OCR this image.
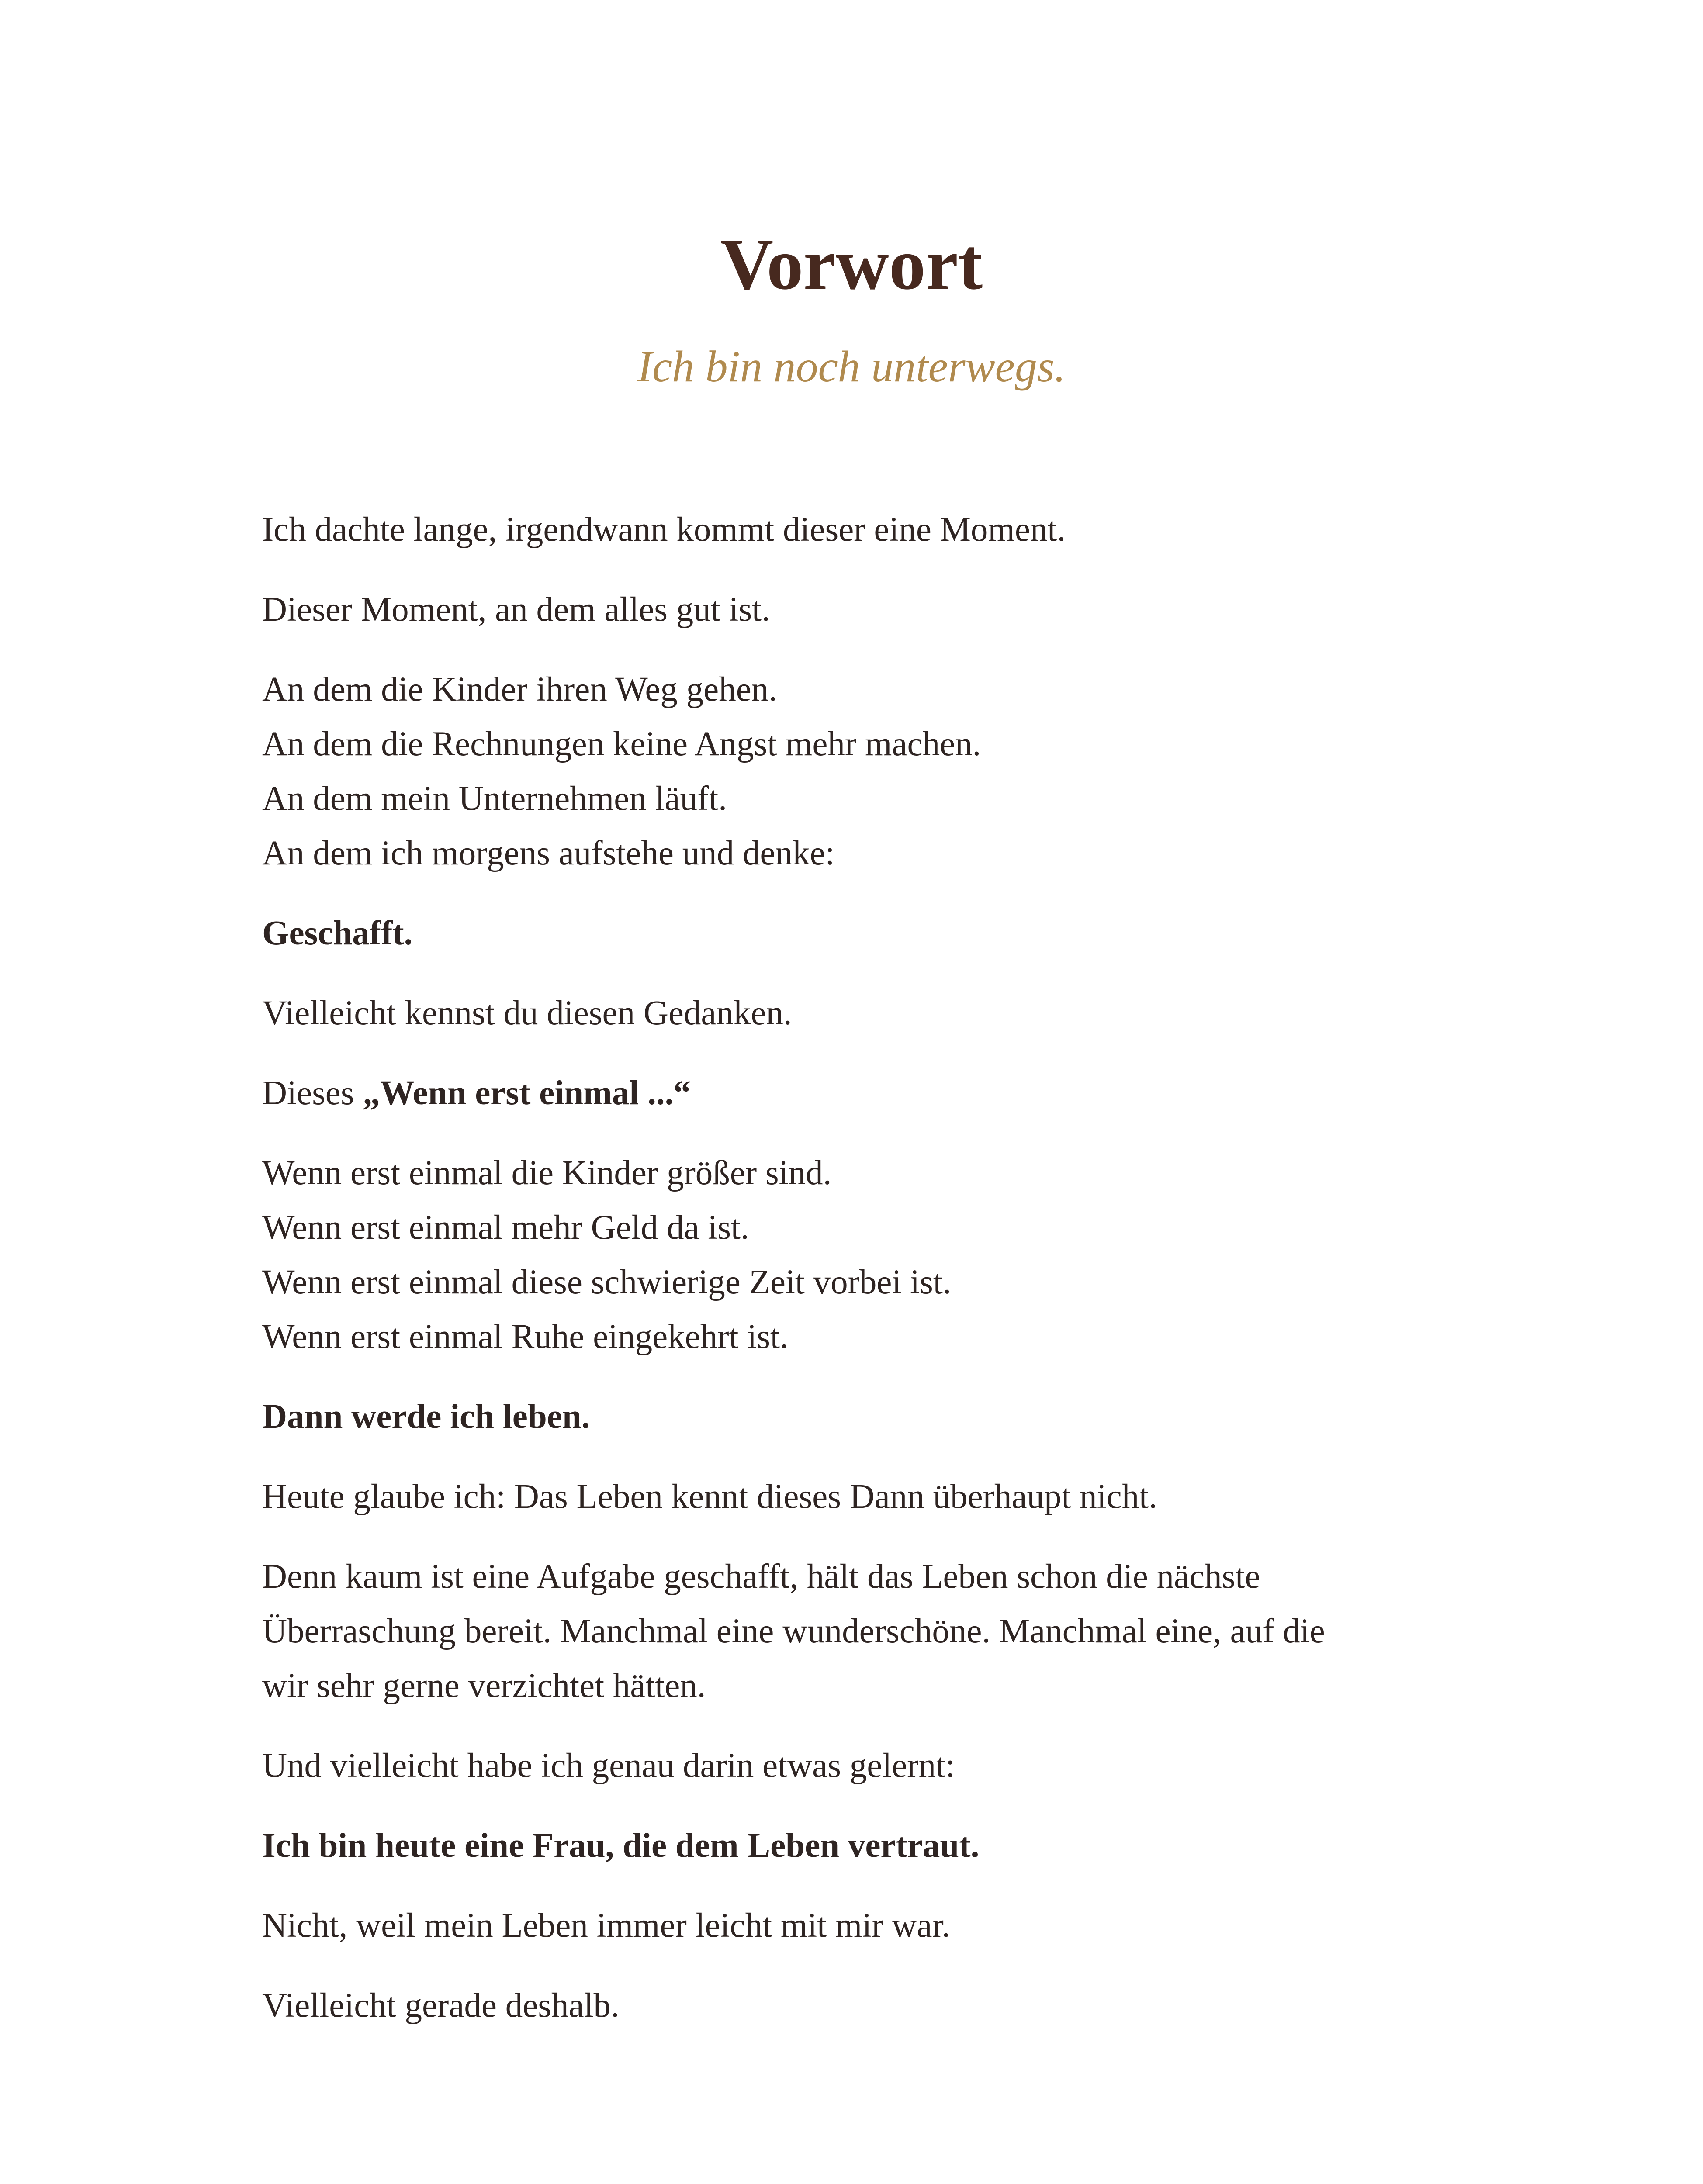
Vorwort
Ich bin noch unterwegs.

Ich dachte lange, irgendwann kommt dieser eine Moment.

Dieser Moment, an dem alles gut ist.

An dem die Kinder ihren Weg gehen.
An dem die Rechnungen keine Angst mehr machen.
An dem mein Unternehmen läuft.
An dem ich morgens aufstehe und denke:

Geschafft.

Vielleicht kennst du diesen Gedanken.

Dieses „Wenn erst einmal ...“

Wenn erst einmal die Kinder größer sind.
Wenn erst einmal mehr Geld da ist.
Wenn erst einmal diese schwierige Zeit vorbei ist.
Wenn erst einmal Ruhe eingekehrt ist.

Dann werde ich leben.

Heute glaube ich: Das Leben kennt dieses Dann überhaupt nicht.

Denn kaum ist eine Aufgabe geschafft, hält das Leben schon die nächste
Überraschung bereit. Manchmal eine wunderschöne. Manchmal eine, auf die
wir sehr gerne verzichtet hätten.

Und vielleicht habe ich genau darin etwas gelernt:

Ich bin heute eine Frau, die dem Leben vertraut.

Nicht, weil mein Leben immer leicht mit mir war.

Vielleicht gerade deshalb.
